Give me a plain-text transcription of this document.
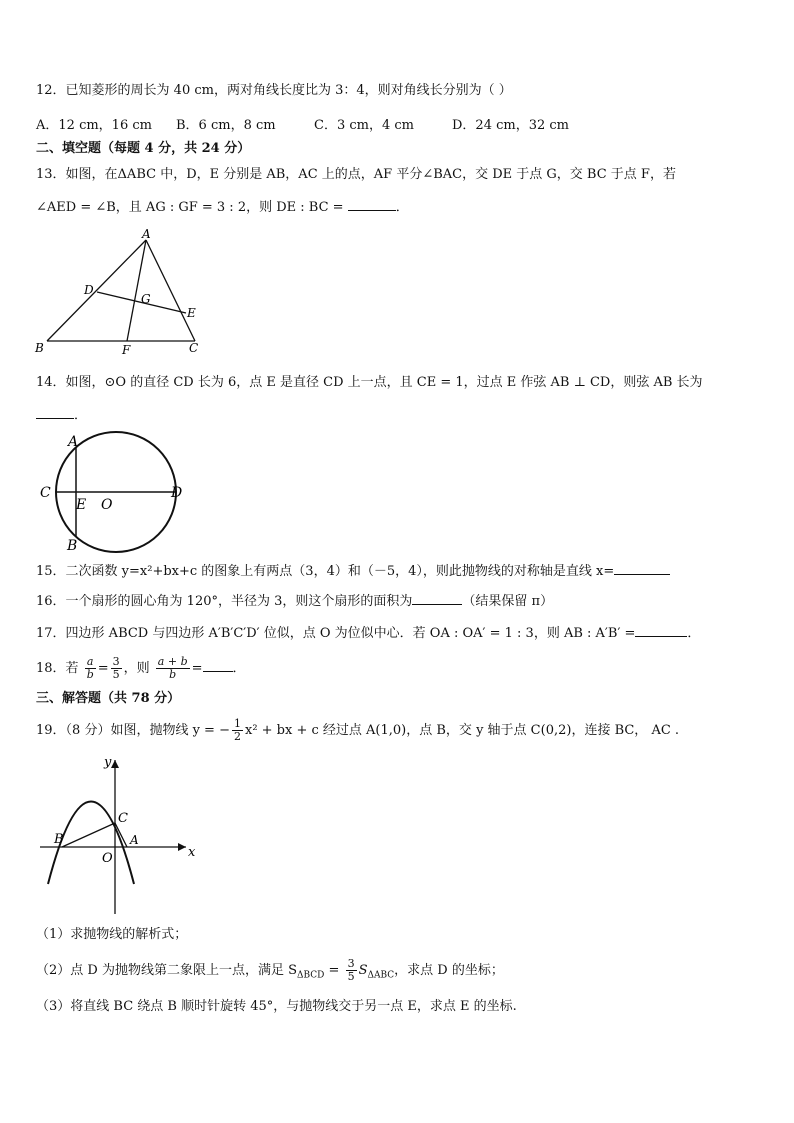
12．已知菱形的周长为 40 cm，两对角线长度比为 3：4，则对角线长分别为（ ）
A．12 cm，16 cm B．6 cm，8 cm	C．3 cm，4 cm	D．24 cm，32 cm
二、填空题（每题 4 分，共 24 分）
13．如图，在ΔABC 中，D，E 分别是 AB，AC 上的点，AF 平分∠BAC，交 DE 于点 G，交 BC 于点 F，若
∠AED = ∠B，且 AG : GF = 3 : 2，则 DE : BC =	．
A
B	C
D
E
F
G
14．如图，⊙O 的直径 CD 长为 6，点 E 是直径 CD 上一点，且 CE = 1，过点 E 作弦 AB ⊥ CD，则弦 AB 长为
．
A
B
C	D
E O
15．二次函数 y=x²+bx+c 的图象上有两点（3，4）和（－5，4），则此抛物线的对称轴是直线 x=
16．一个扇形的圆心角为 120°，半径为 3，则这个扇形的面积为	（结果保留 π）
17．四边形 ABCD 与四边形 A′B′C′D′ 位似，点 O 为位似中心．若 OA : OA′ = 1 : 3，则 AB : A′B′ =	．
18．若 $\frac{a}{b} = \frac{3}{5}$ ，则 $\frac{a + b}{b}$ = ．
三、解答题（共 78 分）
19．（8 分）如图，抛物线 y = − $\frac{1}{2} x^2$ + bx + c 经过点 A(1,0)，点 B，交 y 轴于点 C(0,2)，连接 BC， AC .
y
x
B
C
A
O
（1）求抛物线的解析式；
（2）点 D 为抛物线第二象限上一点，满足 $S_{\Delta BCD} = \frac{3}{5} S_{\Delta ABC}$，求点 D 的坐标；
（3）将直线 BC 绕点 B 顺时针旋转 45°，与抛物线交于另一点 E，求点 E 的坐标.
